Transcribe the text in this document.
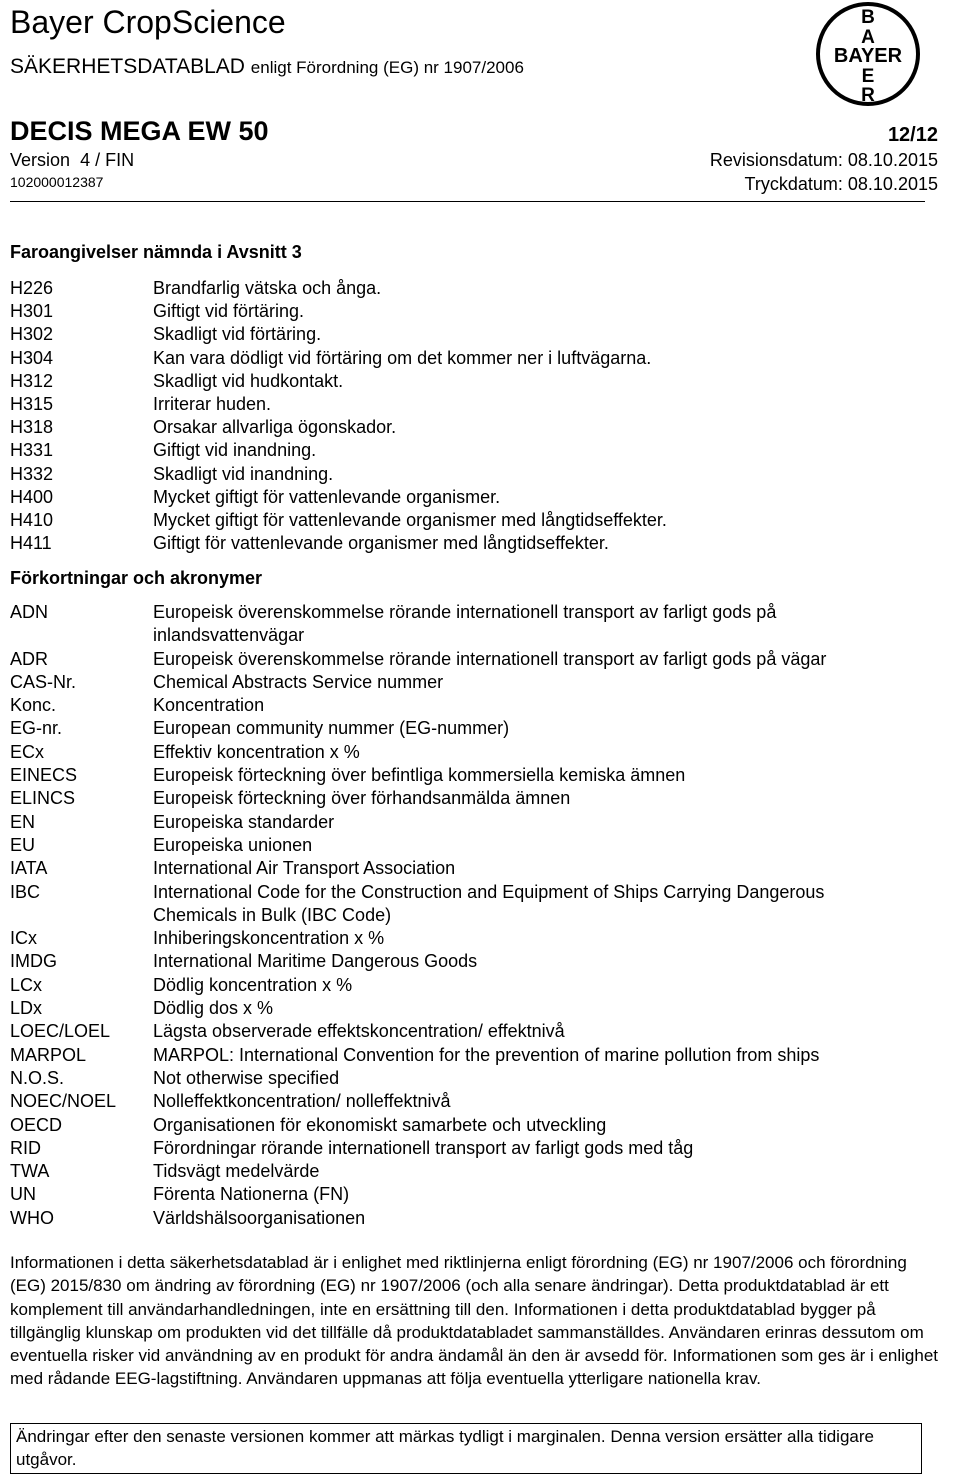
Bayer CropScience
SÄKERHETSDATABLAD enligt Förordning (EG) nr 1907/2006
B
A
BAYER
E
R
DECIS MEGA EW 50	12/12
Version 4 / FIN	Revisionsdatum: 08.10.2015
102000012387	Tryckdatum: 08.10.2015
Faroangivelser nämnda i Avsnitt 3
H226	Brandfarlig vätska och ånga.
H301	Giftigt vid förtäring.
H302	Skadligt vid förtäring.
H304	Kan vara dödligt vid förtäring om det kommer ner i luftvägarna.
H312	Skadligt vid hudkontakt.
H315	Irriterar huden.
H318	Orsakar allvarliga ögonskador.
H331	Giftigt vid inandning.
H332	Skadligt vid inandning.
H400	Mycket giftigt för vattenlevande organismer.
H410	Mycket giftigt för vattenlevande organismer med långtidseffekter.
H411	Giftigt för vattenlevande organismer med långtidseffekter.
Förkortningar och akronymer
ADN	Europeisk överenskommelse rörande internationell transport av farligt gods på inlandsvattenvägar
ADR	Europeisk överenskommelse rörande internationell transport av farligt gods på vägar
CAS-Nr.	Chemical Abstracts Service nummer
Konc.	Koncentration
EG-nr.	European community nummer (EG-nummer)
ECx	Effektiv koncentration x %
EINECS	Europeisk förteckning över befintliga kommersiella kemiska ämnen
ELINCS	Europeisk förteckning över förhandsanmälda ämnen
EN	Europeiska standarder
EU	Europeiska unionen
IATA	International Air Transport Association
IBC	International Code for the Construction and Equipment of Ships Carrying Dangerous Chemicals in Bulk (IBC Code)
ICx	Inhiberingskoncentration x %
IMDG	International Maritime Dangerous Goods
LCx	Dödlig koncentration x %
LDx	Dödlig dos x %
LOEC/LOEL	Lägsta observerade effektskoncentration/ effektnivå
MARPOL	MARPOL: International Convention for the prevention of marine pollution from ships
N.O.S.	Not otherwise specified
NOEC/NOEL	Nolleffektkoncentration/ nolleffektnivå
OECD	Organisationen för ekonomiskt samarbete och utveckling
RID	Förordningar rörande internationell transport av farligt gods med tåg
TWA	Tidsvägt medelvärde
UN	Förenta Nationerna (FN)
WHO	Världshälsoorganisationen
Informationen i detta säkerhetsdatablad är i enlighet med riktlinjerna enligt förordning (EG) nr 1907/2006 och förordning (EG) 2015/830 om ändring av förordning (EG) nr 1907/2006 (och alla senare ändringar). Detta produktdatablad är ett komplement till användarhandledningen, inte en ersättning till den. Informationen i detta produktdatablad bygger på tillgänglig klunskap om produkten vid det tillfälle då produktdatabladet sammanställdes. Användaren erinras dessutom om eventuella risker vid användning av en produkt för andra ändamål än den är avsedd för. Informationen som ges är i enlighet med rådande EEG-lagstiftning. Användaren uppmanas att följa eventuella ytterligare nationella krav.
Ändringar efter den senaste versionen kommer att märkas tydligt i marginalen. Denna version ersätter alla tidigare utgåvor.
